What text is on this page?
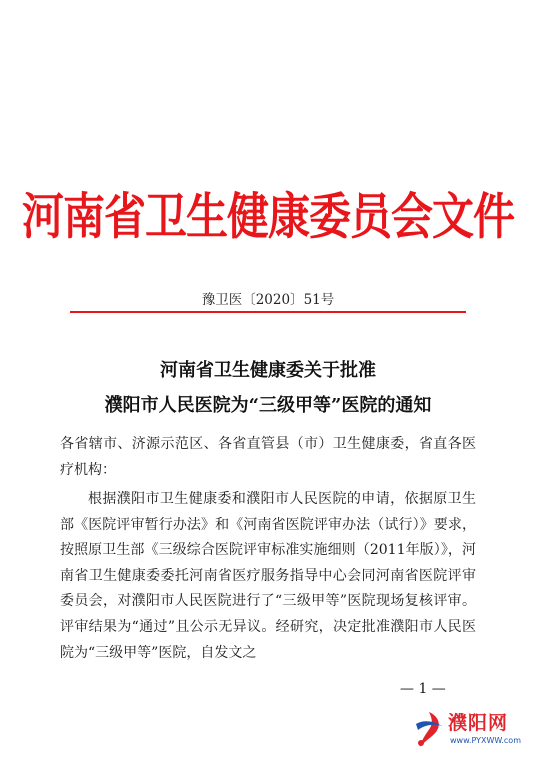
河南省卫生健康委员会文件
豫卫医〔2020〕51号
河南省卫生健康委关于批准
濮阳市人民医院为“三级甲等”医院的通知
各省辖市、济源示范区、各省直管县（市）卫生健康委，省直各医疗机构：
根据濮阳市卫生健康委和濮阳市人民医院的申请，依据原卫生部《医院评审暂行办法》和《河南省医院评审办法（试行）》要求，按照原卫生部《三级综合医院评审标准实施细则（2011年版）》，河南省卫生健康委委托河南省医疗服务指导中心会同河南省医院评审委员会，对濮阳市人民医院进行了“三级甲等”医院现场复核评审。评审结果为“通过”且公示无异议。经研究，决定批准濮阳市人民医院为“三级甲等”医院，自发文之
— 1 —
濮阳网
www.PYXWW.com
